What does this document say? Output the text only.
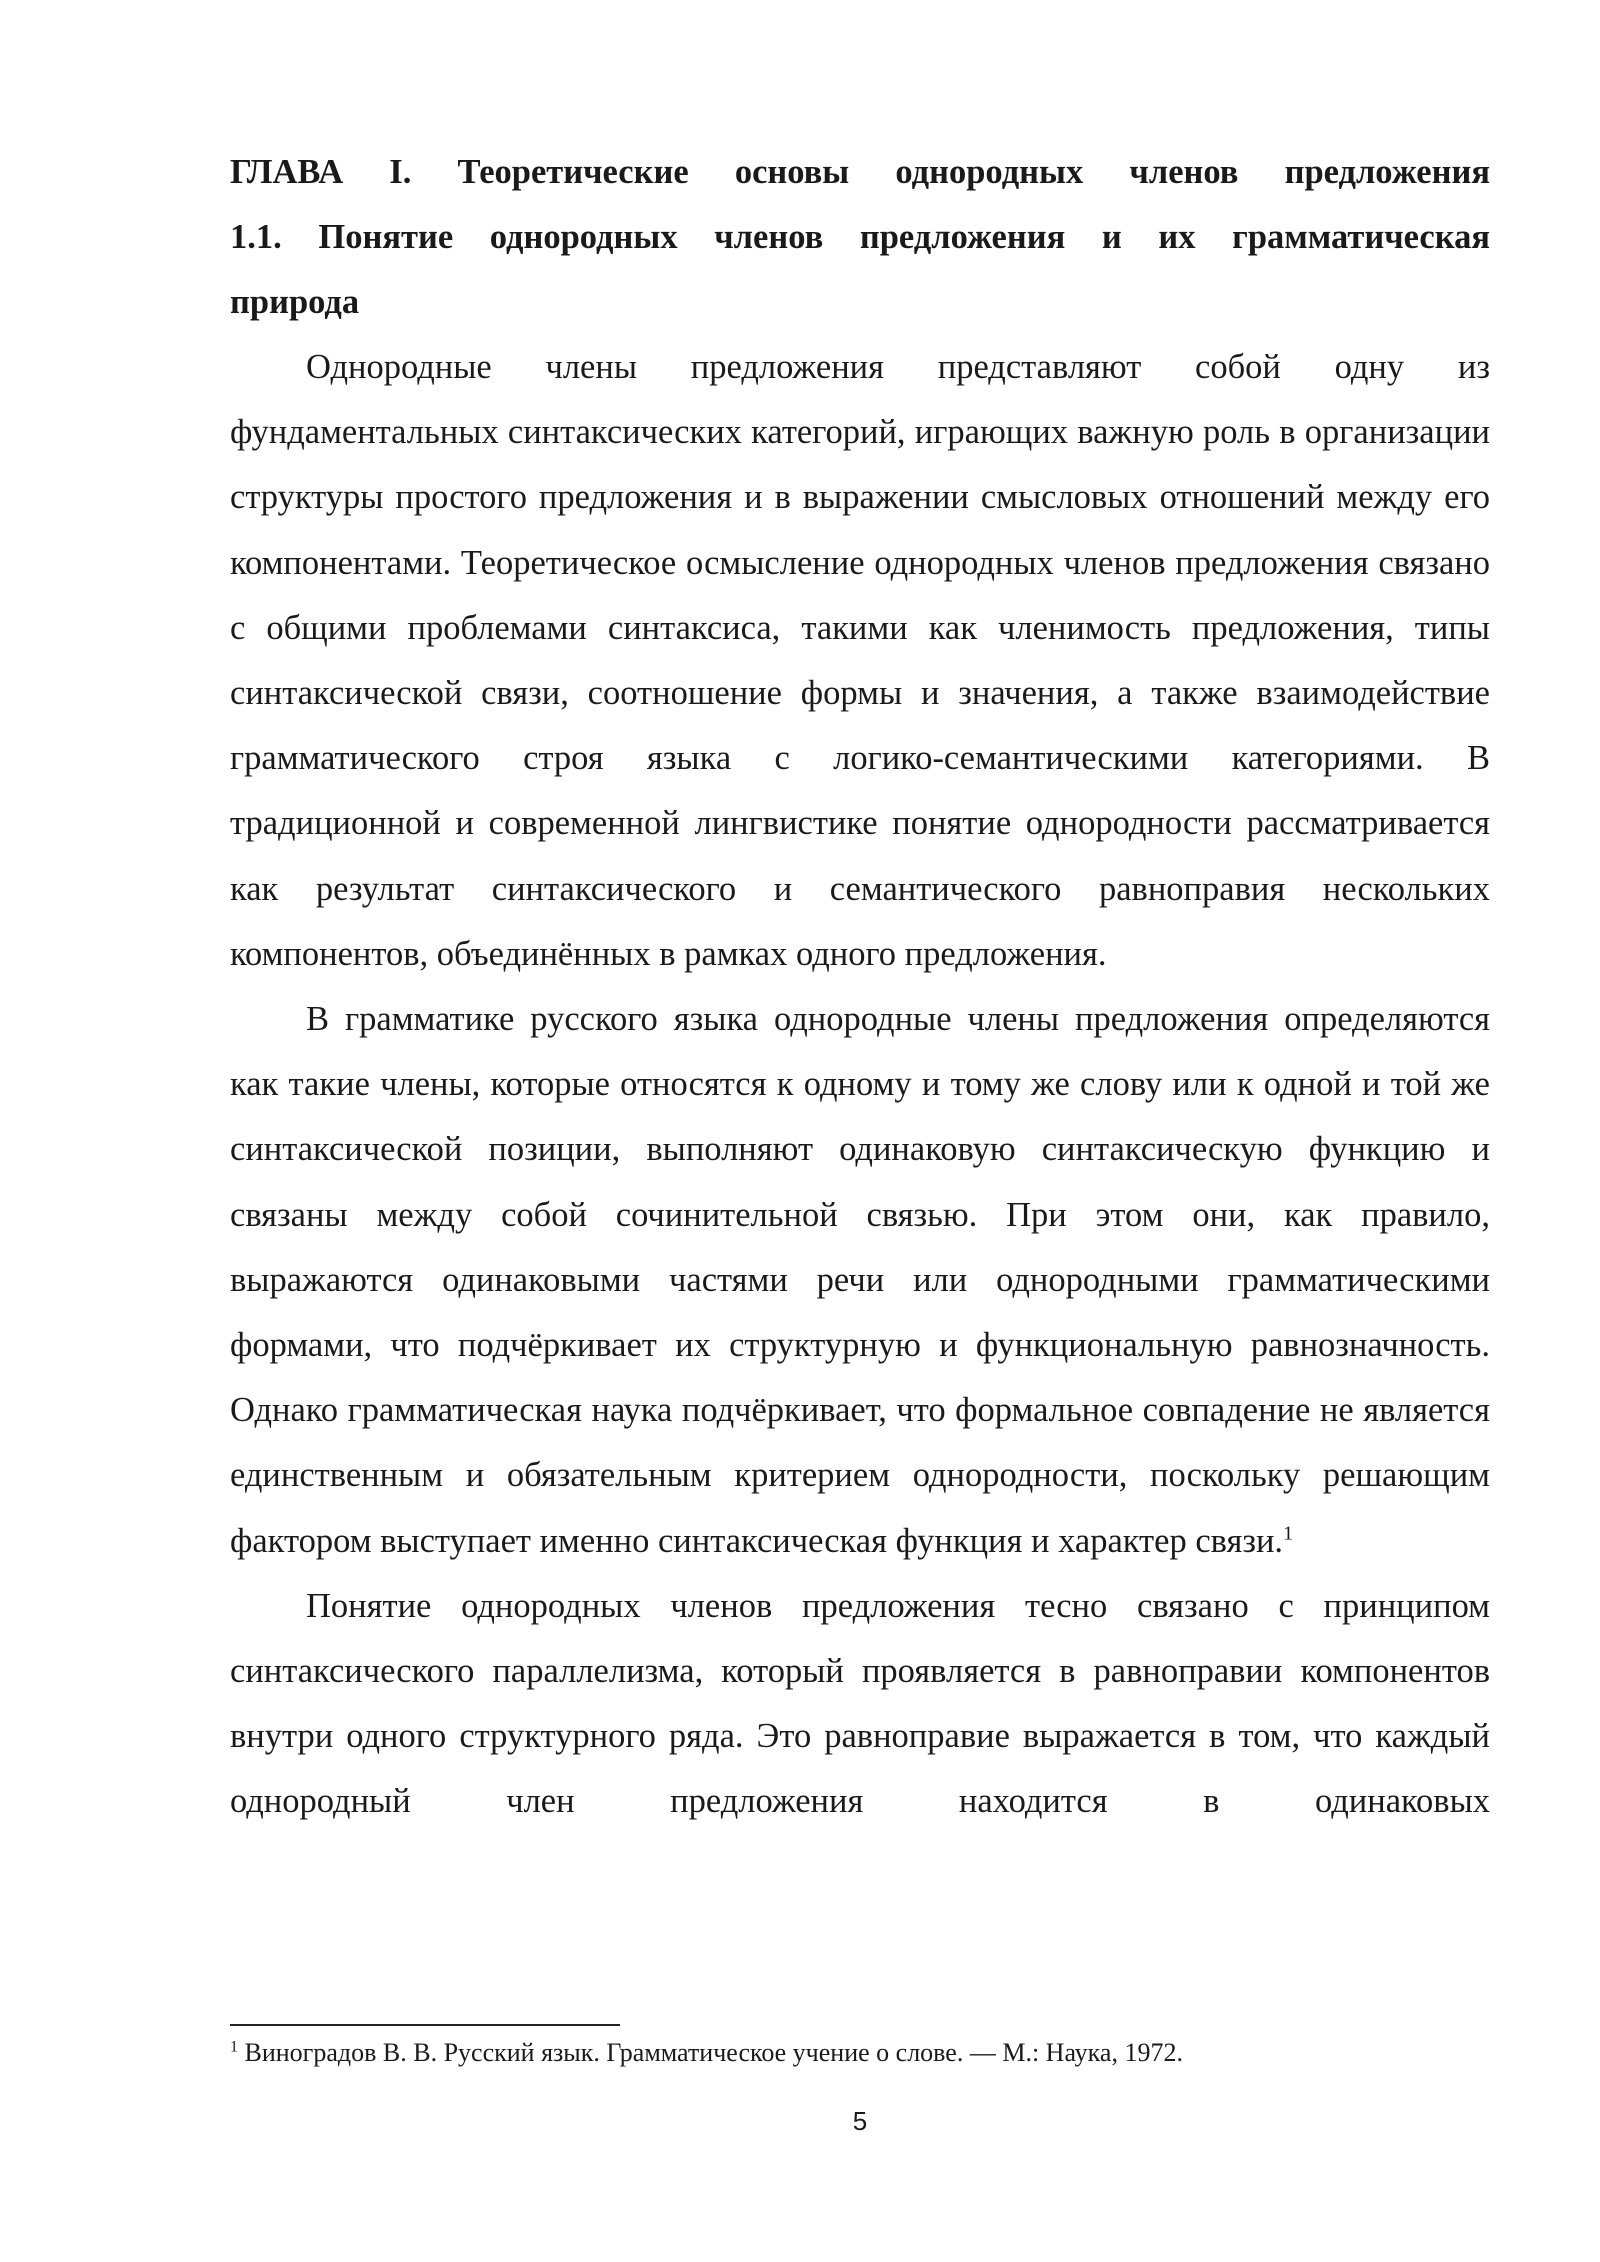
ГЛАВА I. Теоретические основы однородных членов предложения

1.1. Понятие однородных членов предложения и их грамматическая

природа

Однородные члены предложения представляют собой одну из фундаментальных синтаксических категорий, играющих важную роль в организации структуры простого предложения и в выражении смысловых отношений между его компонентами. Теоретическое осмысление однородных членов предложения связано с общими проблемами синтаксиса, такими как членимость предложения, типы синтаксической связи, соотношение формы и значения, а также взаимодействие грамматического строя языка с логико-семантическими категориями. В традиционной и современной лингвистике понятие однородности рассматривается как результат синтаксического и семантического равноправия нескольких компонентов, объединённых в рамках одного предложения.

В грамматике русского языка однородные члены предложения определяются как такие члены, которые относятся к одному и тому же слову или к одной и той же синтаксической позиции, выполняют одинаковую синтаксическую функцию и связаны между собой сочинительной связью. При этом они, как правило, выражаются одинаковыми частями речи или однородными грамматическими формами, что подчёркивает их структурную и функциональную равнозначность. Однако грамматическая наука подчёркивает, что формальное совпадение не является единственным и обязательным критерием однородности, поскольку решающим фактором выступает именно синтаксическая функция и характер связи.$^1$

Понятие однородных членов предложения тесно связано с принципом синтаксического параллелизма, который проявляется в равноправии компонентов внутри одного структурного ряда. Это равноправие выражается в том, что каждый однородный член предложения находится в одинаковых

$^1$ Виноградов В. В. Русский язык. Грамматическое учение о слове. — М.: Наука, 1972.

5
